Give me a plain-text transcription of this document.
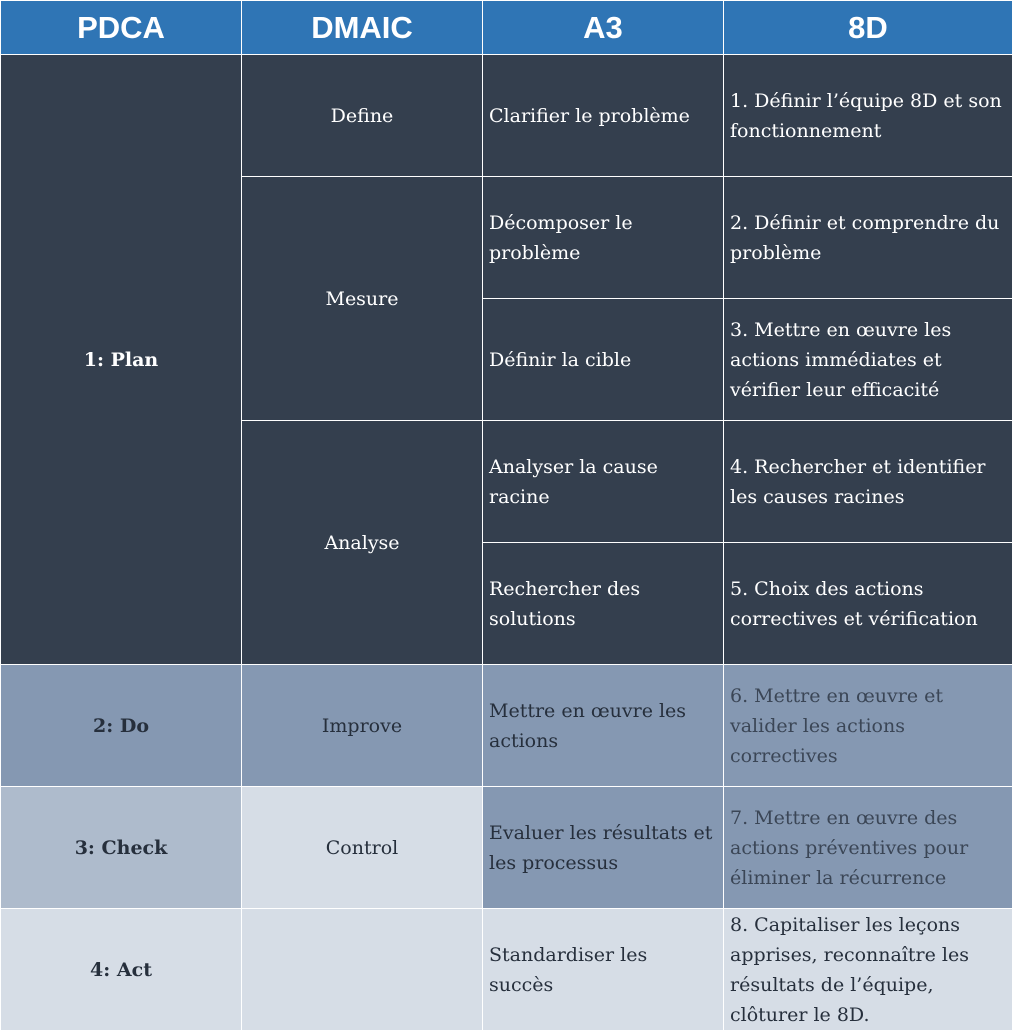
PDCA	DMAIC	A3	8D
1: Plan	Define	Clarifier le problème	1. Définir l’équipe 8D et son fonctionnement
	Mesure	Décomposer le problème	2. Définir et comprendre du problème
		Définir la cible	3. Mettre en œuvre les actions immédiates et vérifier leur efficacité
	Analyse	Analyser la cause racine	4. Rechercher et identifier les causes racines
		Rechercher des solutions	5. Choix des actions correctives et vérification
2: Do	Improve	Mettre en œuvre les actions	6. Mettre en œuvre et valider les actions correctives
3: Check	Control	Evaluer les résultats et les processus	7. Mettre en œuvre des actions préventives pour éliminer la récurrence
4: Act		Standardiser les succès	8. Capitaliser les leçons apprises, reconnaître les résultats de l’équipe, clôturer le 8D.
